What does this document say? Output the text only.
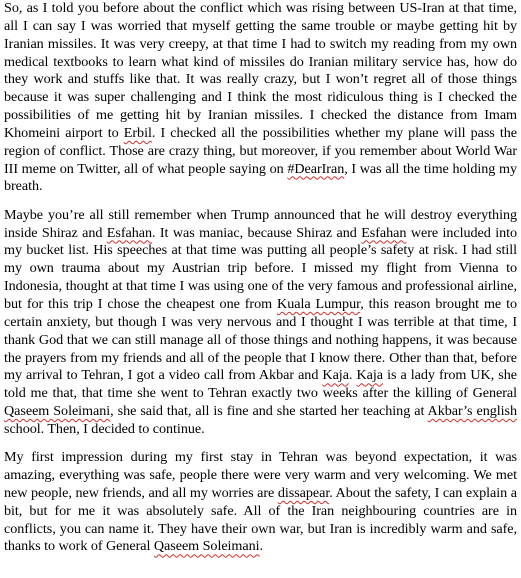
So, as I told you before about the conflict which was rising between US-Iran at that time, all I can say I was worried that myself getting the same trouble or maybe getting hit by Iranian missiles. It was very creepy, at that time I had to switch my reading from my own medical textbooks to learn what kind of missiles do Iranian military service has, how do they work and stuffs like that. It was really crazy, but I won’t regret all of those things because it was super challenging and I think the most ridiculous thing is I checked the possibilities of me getting hit by Iranian missiles. I checked the distance from Imam Khomeini airport to Erbil. I checked all the possibilities whether my plane will pass the region of conflict. Those are crazy thing, but moreover, if you remember about World War III meme on Twitter, all of what people saying on #DearIran, I was all the time holding my breath.

Maybe you’re all still remember when Trump announced that he will destroy everything inside Shiraz and Esfahan. It was maniac, because Shiraz and Esfahan were included into my bucket list. His speeches at that time was putting all people’s safety at risk. I had still my own trauma about my Austrian trip before. I missed my flight from Vienna to Indonesia, thought at that time I was using one of the very famous and professional airline, but for this trip I chose the cheapest one from Kuala Lumpur, this reason brought me to certain anxiety, but though I was very nervous and I thought I was terrible at that time, I thank God that we can still manage all of those things and nothing happens, it was because the prayers from my friends and all of the people that I know there. Other than that, before my arrival to Tehran, I got a video call from Akbar and Kaja. Kaja is a lady from UK, she told me that, that time she went to Tehran exactly two weeks after the killing of General Qaseem Soleimani, she said that, all is fine and she started her teaching at Akbar’s english school. Then, I decided to continue.

My first impression during my first stay in Tehran was beyond expectation, it was amazing, everything was safe, people there were very warm and very welcoming. We met new people, new friends, and all my worries are dissapear. About the safety, I can explain a bit, but for me it was absolutely safe. All of the Iran neighbouring countries are in conflicts, you can name it. They have their own war, but Iran is incredibly warm and safe, thanks to work of General Qaseem Soleimani.
